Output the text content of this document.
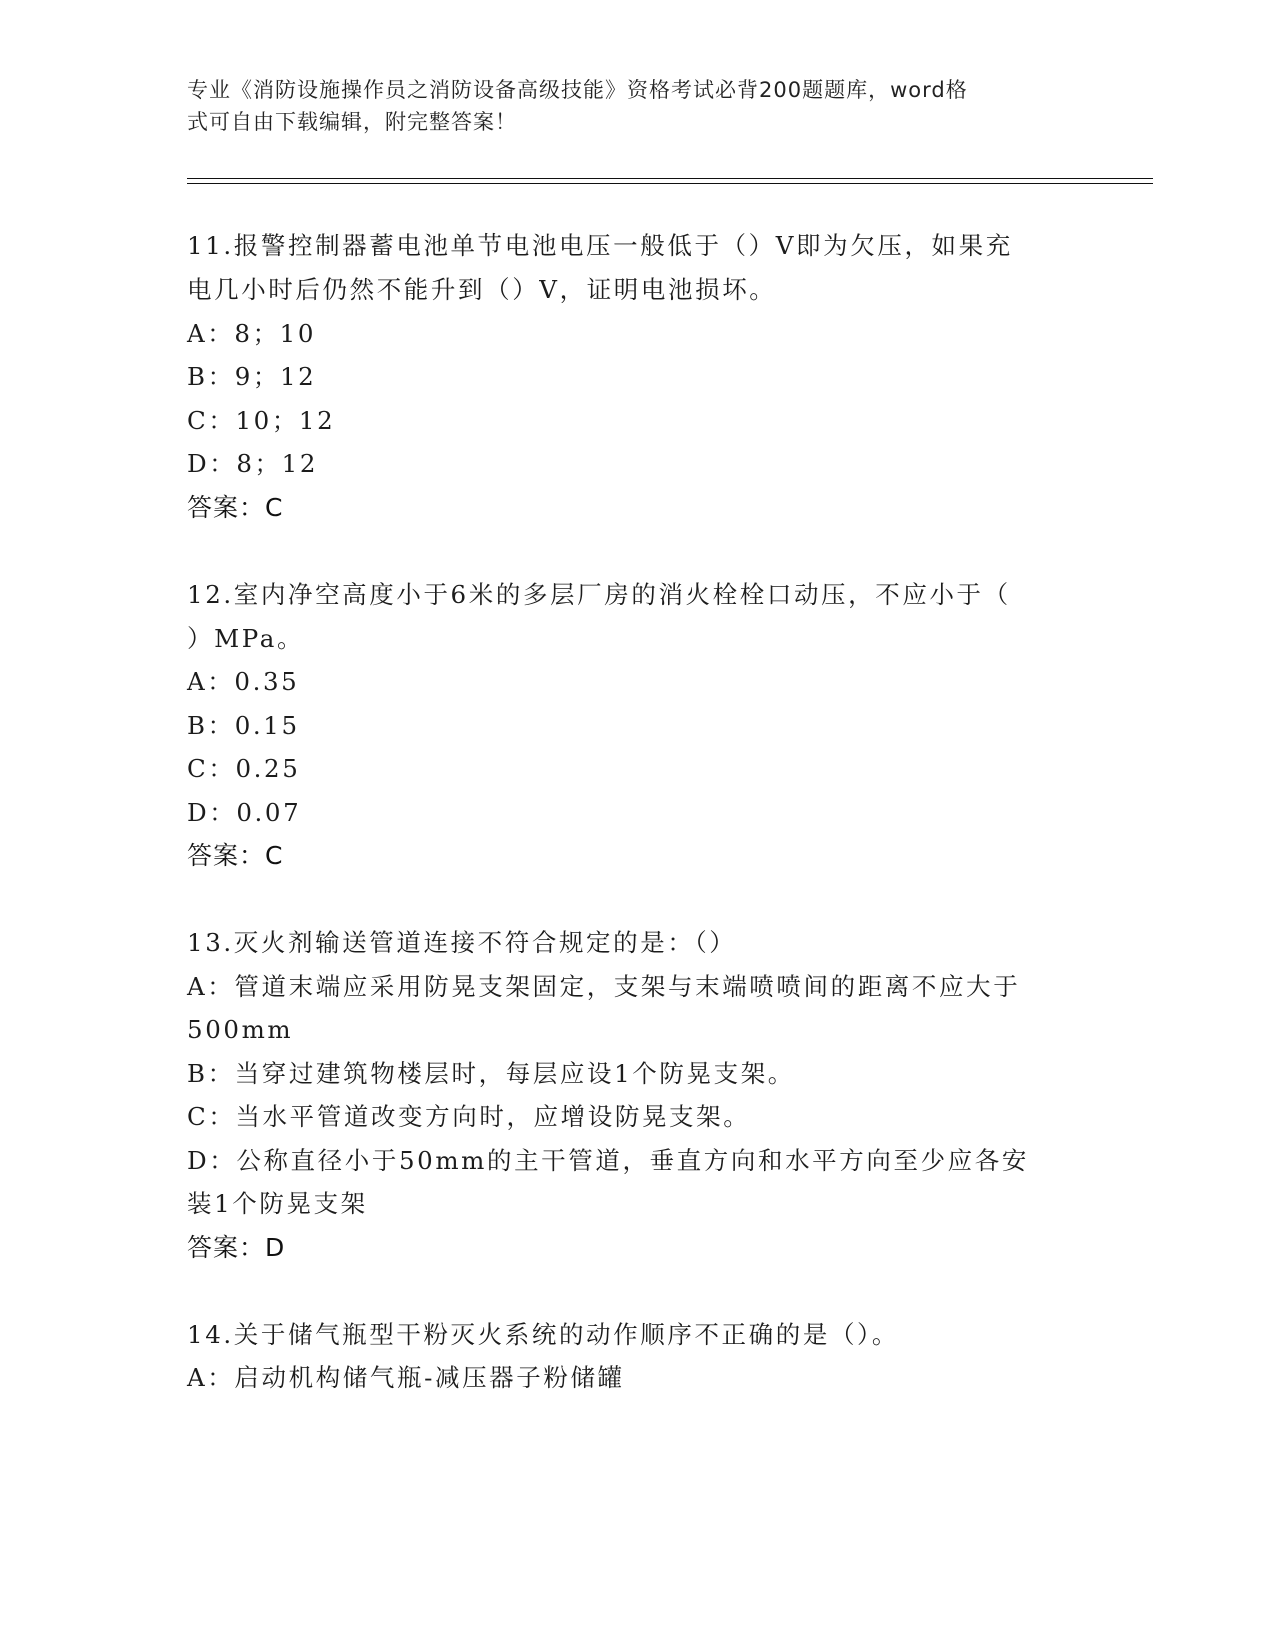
专业《消防设施操作员之消防设备高级技能》资格考试必背200题题库，word格
式可自由下载编辑，附完整答案！
11.报警控制器蓄电池单节电池电压一般低于（）V即为欠压，如果充
电几小时后仍然不能升到（）V，证明电池损坏。
A：8；10
B：9；12
C：10；12
D：8；12
答案：C
12.室内净空高度小于6米的多层厂房的消火栓栓口动压，不应小于（
）MPa。
A：0.35
B：0.15
C：0.25
D：0.07
答案：C
13.灭火剂输送管道连接不符合规定的是：（）
A：管道末端应采用防晃支架固定，支架与末端喷喷间的距离不应大于
500mm
B：当穿过建筑物楼层时，每层应设1个防晃支架。
C：当水平管道改变方向时，应增设防晃支架。
D：公称直径小于50mm的主干管道，垂直方向和水平方向至少应各安
装1个防晃支架
答案：D
14.关于储气瓶型干粉灭火系统的动作顺序不正确的是（）。
A：启动机构储气瓶-减压器子粉储罐
